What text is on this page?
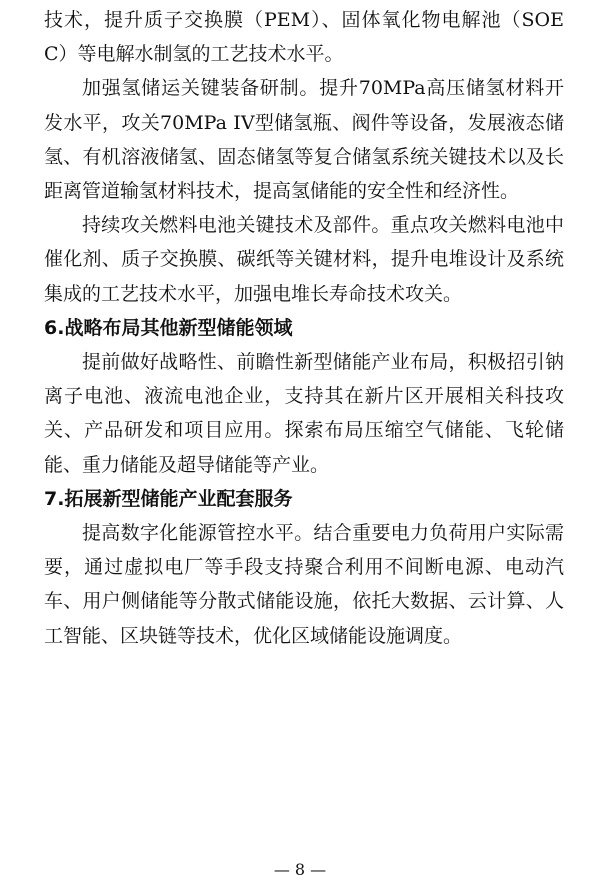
技术，提升质子交换膜（PEM）、固体氧化物电解池（SOEC）等电解水制氢的工艺技术水平。

加强氢储运关键装备研制。提升70MPa高压储氢材料开发水平，攻关70MPa IV型储氢瓶、阀件等设备，发展液态储氢、有机溶液储氢、固态储氢等复合储氢系统关键技术以及长距离管道输氢材料技术，提高氢储能的安全性和经济性。

持续攻关燃料电池关键技术及部件。重点攻关燃料电池中催化剂、质子交换膜、碳纸等关键材料，提升电堆设计及系统集成的工艺技术水平，加强电堆长寿命技术攻关。

6.战略布局其他新型储能领域

提前做好战略性、前瞻性新型储能产业布局，积极招引钠离子电池、液流电池企业，支持其在新片区开展相关科技攻关、产品研发和项目应用。探索布局压缩空气储能、飞轮储能、重力储能及超导储能等产业。

7.拓展新型储能产业配套服务

提高数字化能源管控水平。结合重要电力负荷用户实际需要，通过虚拟电厂等手段支持聚合利用不间断电源、电动汽车、用户侧储能等分散式储能设施，依托大数据、云计算、人工智能、区块链等技术，优化区域储能设施调度。

— 8 —
